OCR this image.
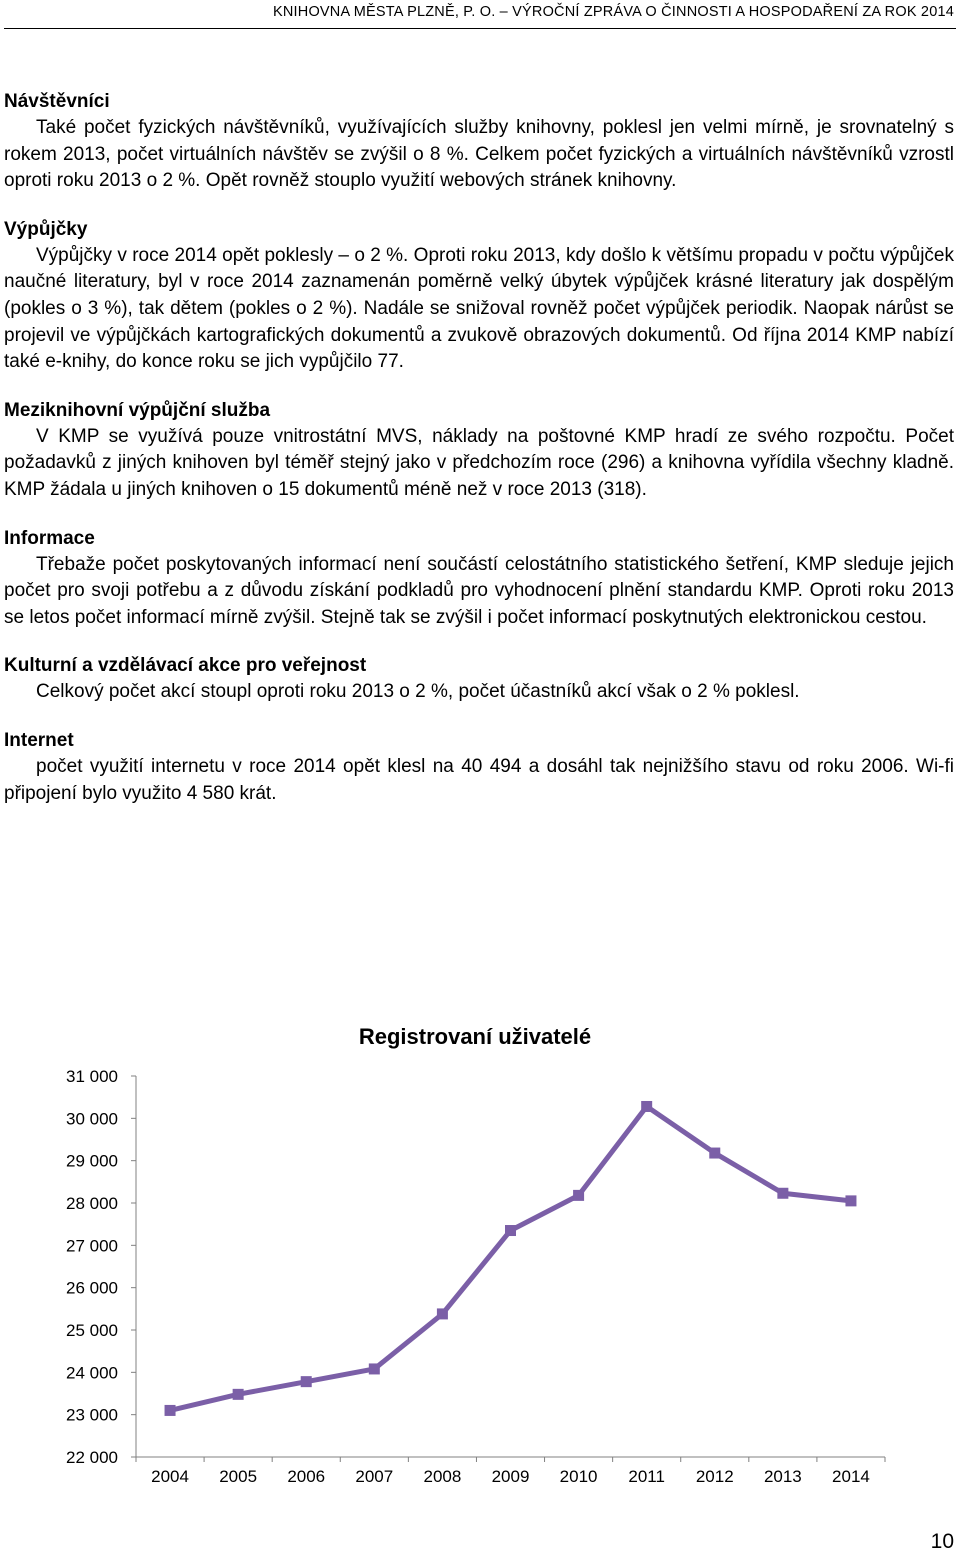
KNIHOVNA MĚSTA PLZNĚ, P. O. – VÝROČNÍ ZPRÁVA O ČINNOSTI A HOSPODAŘENÍ ZA ROK 2014
Návštěvníci

Také počet fyzických návštěvníků, využívajících služby knihovny, poklesl jen velmi mírně, je srovnatelný s rokem 2013, počet virtuálních návštěv se zvýšil o 8 %. Celkem počet fyzických a virtuálních návštěvníků vzrostl oproti roku 2013 o 2 %. Opět rovněž stouplo využití webových stránek knihovny.

Výpůjčky

Výpůjčky v roce 2014 opět poklesly – o 2 %. Oproti roku 2013, kdy došlo k většímu propadu v počtu výpůjček naučné literatury, byl v roce 2014 zaznamenán poměrně velký úbytek výpůjček krásné literatury jak dospělým (pokles o 3 %), tak dětem (pokles o 2 %). Nadále se snižoval rovněž počet výpůjček periodik. Naopak nárůst se projevil ve výpůjčkách kartografických dokumentů a zvukově obrazových dokumentů. Od října 2014 KMP nabízí také e-knihy, do konce roku se jich vypůjčilo 77.

Meziknihovní výpůjční služba

V KMP se využívá pouze vnitrostátní MVS, náklady na poštovné KMP hradí ze svého rozpočtu. Počet požadavků z jiných knihoven byl téměř stejný jako v předchozím roce (296) a knihovna vyřídila všechny kladně. KMP žádala u jiných knihoven o 15 dokumentů méně než v roce 2013 (318).

Informace

Třebaže počet poskytovaných informací není součástí celostátního statistického šetření, KMP sleduje jejich počet pro svoji potřebu a z důvodu získání podkladů pro vyhodnocení plnění standardu KMP. Oproti roku 2013 se letos počet informací mírně zvýšil. Stejně tak se zvýšil i počet informací poskytnutých elektronickou cestou.

Kulturní a vzdělávací akce pro veřejnost

Celkový počet akcí stoupl oproti roku 2013 o 2 %, počet účastníků akcí však o 2 % poklesl.

Internet

počet využití internetu v roce 2014 opět klesl na 40 494 a dosáhl tak nejnižšího stavu od roku 2006. Wi-fi připojení bylo využito 4 580 krát.

Registrovaní uživatelé
22 000
23 000
24 000
25 000
26 000
27 000
28 000
29 000
30 000
31 000
2004 2005 2006 2007 2008 2009 2010 2011 2012 2013 2014
10
